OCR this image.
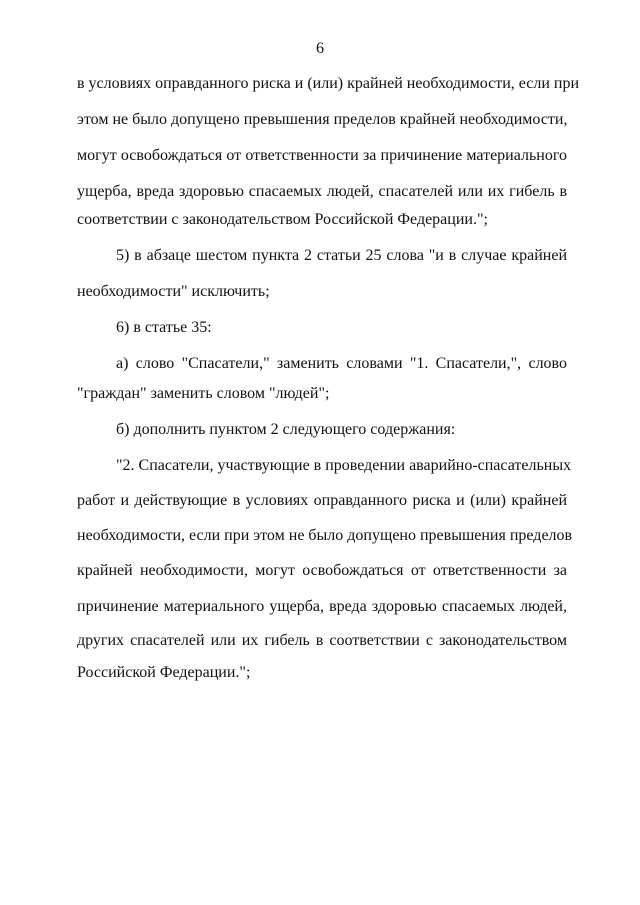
6
в условиях оправданного риска и (или) крайней необходимости, если при
этом не было допущено превышения пределов крайней необходимости,
могут освобождаться от ответственности за причинение материального
ущерба, вреда здоровью спасаемых людей, спасателей или их гибель в
соответствии с законодательством Российской Федерации.";
5) в абзаце шестом пункта 2 статьи 25 слова "и в случае крайней
необходимости" исключить;
6) в статье 35:
а) слово "Спасатели," заменить словами "1. Спасатели,", слово
"граждан" заменить словом "людей";
б) дополнить пунктом 2 следующего содержания:
"2. Спасатели, участвующие в проведении аварийно-спасательных
работ и действующие в условиях оправданного риска и (или) крайней
необходимости, если при этом не было допущено превышения пределов
крайней необходимости, могут освобождаться от ответственности за
причинение материального ущерба, вреда здоровью спасаемых людей,
других спасателей или их гибель в соответствии с законодательством
Российской Федерации.";
